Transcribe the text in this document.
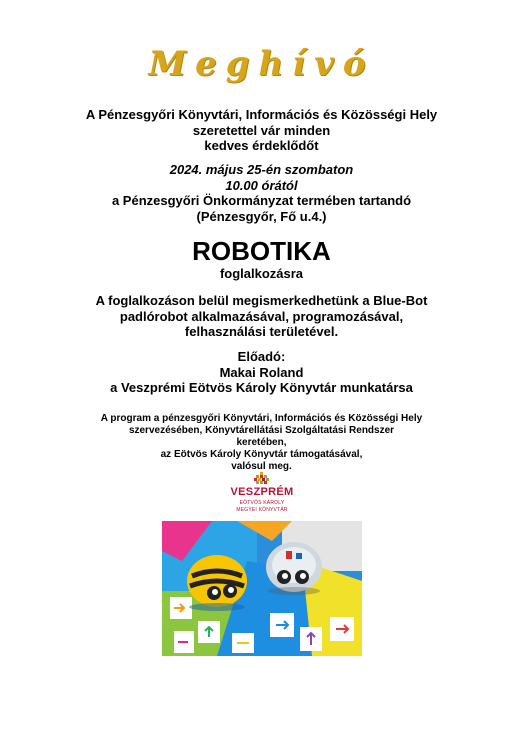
Meghívó
A Pénzesgyőri Könyvtári, Információs és Közösségi Hely
szeretettel vár minden
kedves érdeklődőt
2024. május 25-én szombaton
10.00 órától
a Pénzesgyőri Önkormányzat termében tartandó
(Pénzesgyőr, Fő u.4.)
ROBOTIKA
foglalkozásra
A foglalkozáson belül megismerkedhetünk a Blue-Bot
padlórobot alkalmazásával, programozásával,
felhasználási területével.
Előadó:
Makai Roland
a Veszprémi Eötvös Károly Könyvtár munkatársa
A program a pénzesgyőri Könyvtári, Információs és Közösségi Hely
szervezésében, Könyvtárellátási Szolgáltatási Rendszer
keretében,
az Eötvös Károly Könyvtár támogatásával,
valósul meg.
VESZPRÉM
EÖTVÖS KÁROLY
MEGYEI KÖNYVTÁR
